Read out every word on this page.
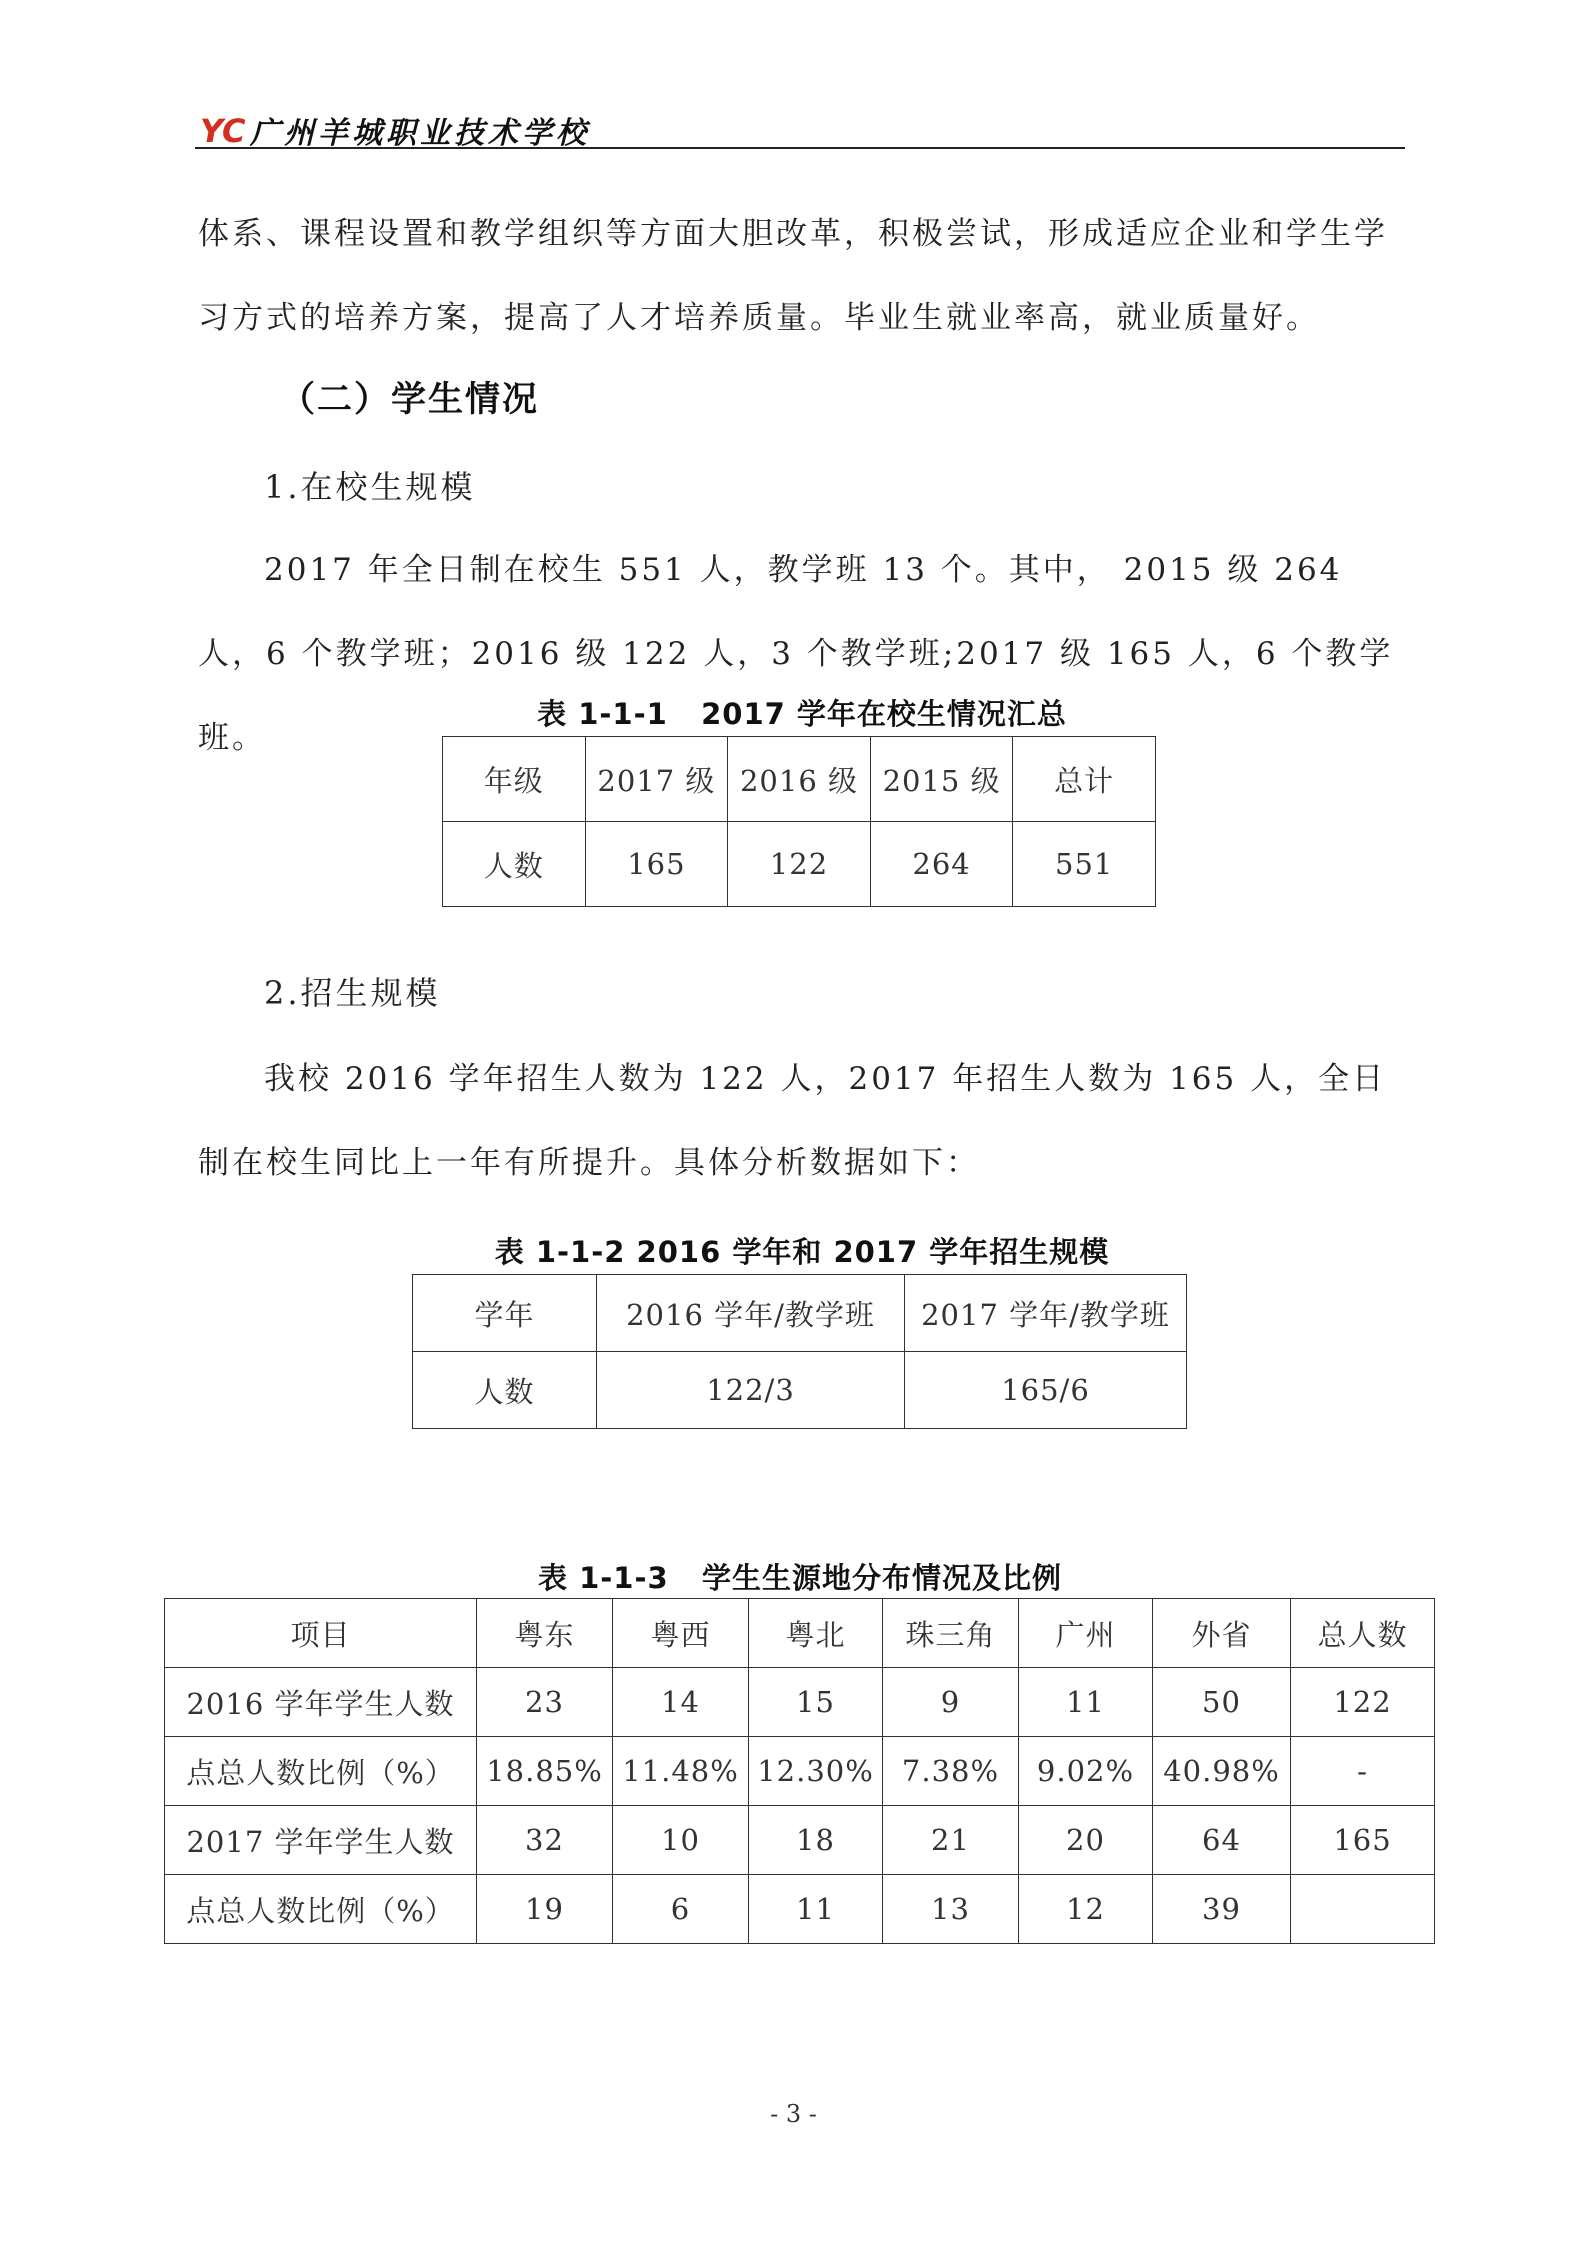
YC 广州羊城职业技术学校

体系、课程设置和教学组织等方面大胆改革，积极尝试，形成适应企业和学生学习方式的培养方案，提高了人才培养质量。毕业生就业率高，就业质量好。

（二）学生情况
1.在校生规模

2017 年全日制在校生 551 人，教学班 13 个。其中， 2015 级 264 人，6 个教学班；2016 级 122 人，3 个教学班;2017 级 165 人，6 个教学班。

表 1-1-1   2017 学年在校生情况汇总
年级	2017 级	2016 级	2015 级	总计
人数	165	122	264	551
2.招生规模

我校 2016 学年招生人数为 122 人，2017 年招生人数为 165 人，全日制在校生同比上一年有所提升。具体分析数据如下：

表 1-1-2 2016 学年和 2017 学年招生规模
学年	2016 学年/教学班	2017 学年/教学班
人数	122/3	165/6
表 1-1-3   学生生源地分布情况及比例
项目	粤东	粤西	粤北	珠三角	广州	外省	总人数
2016 学年学生人数	23	14	15	9	11	50	122
点总人数比例（%）	18.85%	11.48%	12.30%	7.38%	9.02%	40.98%	-
2017 学年学生人数	32	10	18	21	20	64	165
点总人数比例（%）	19	6	11	13	12	39	
- 3 -
